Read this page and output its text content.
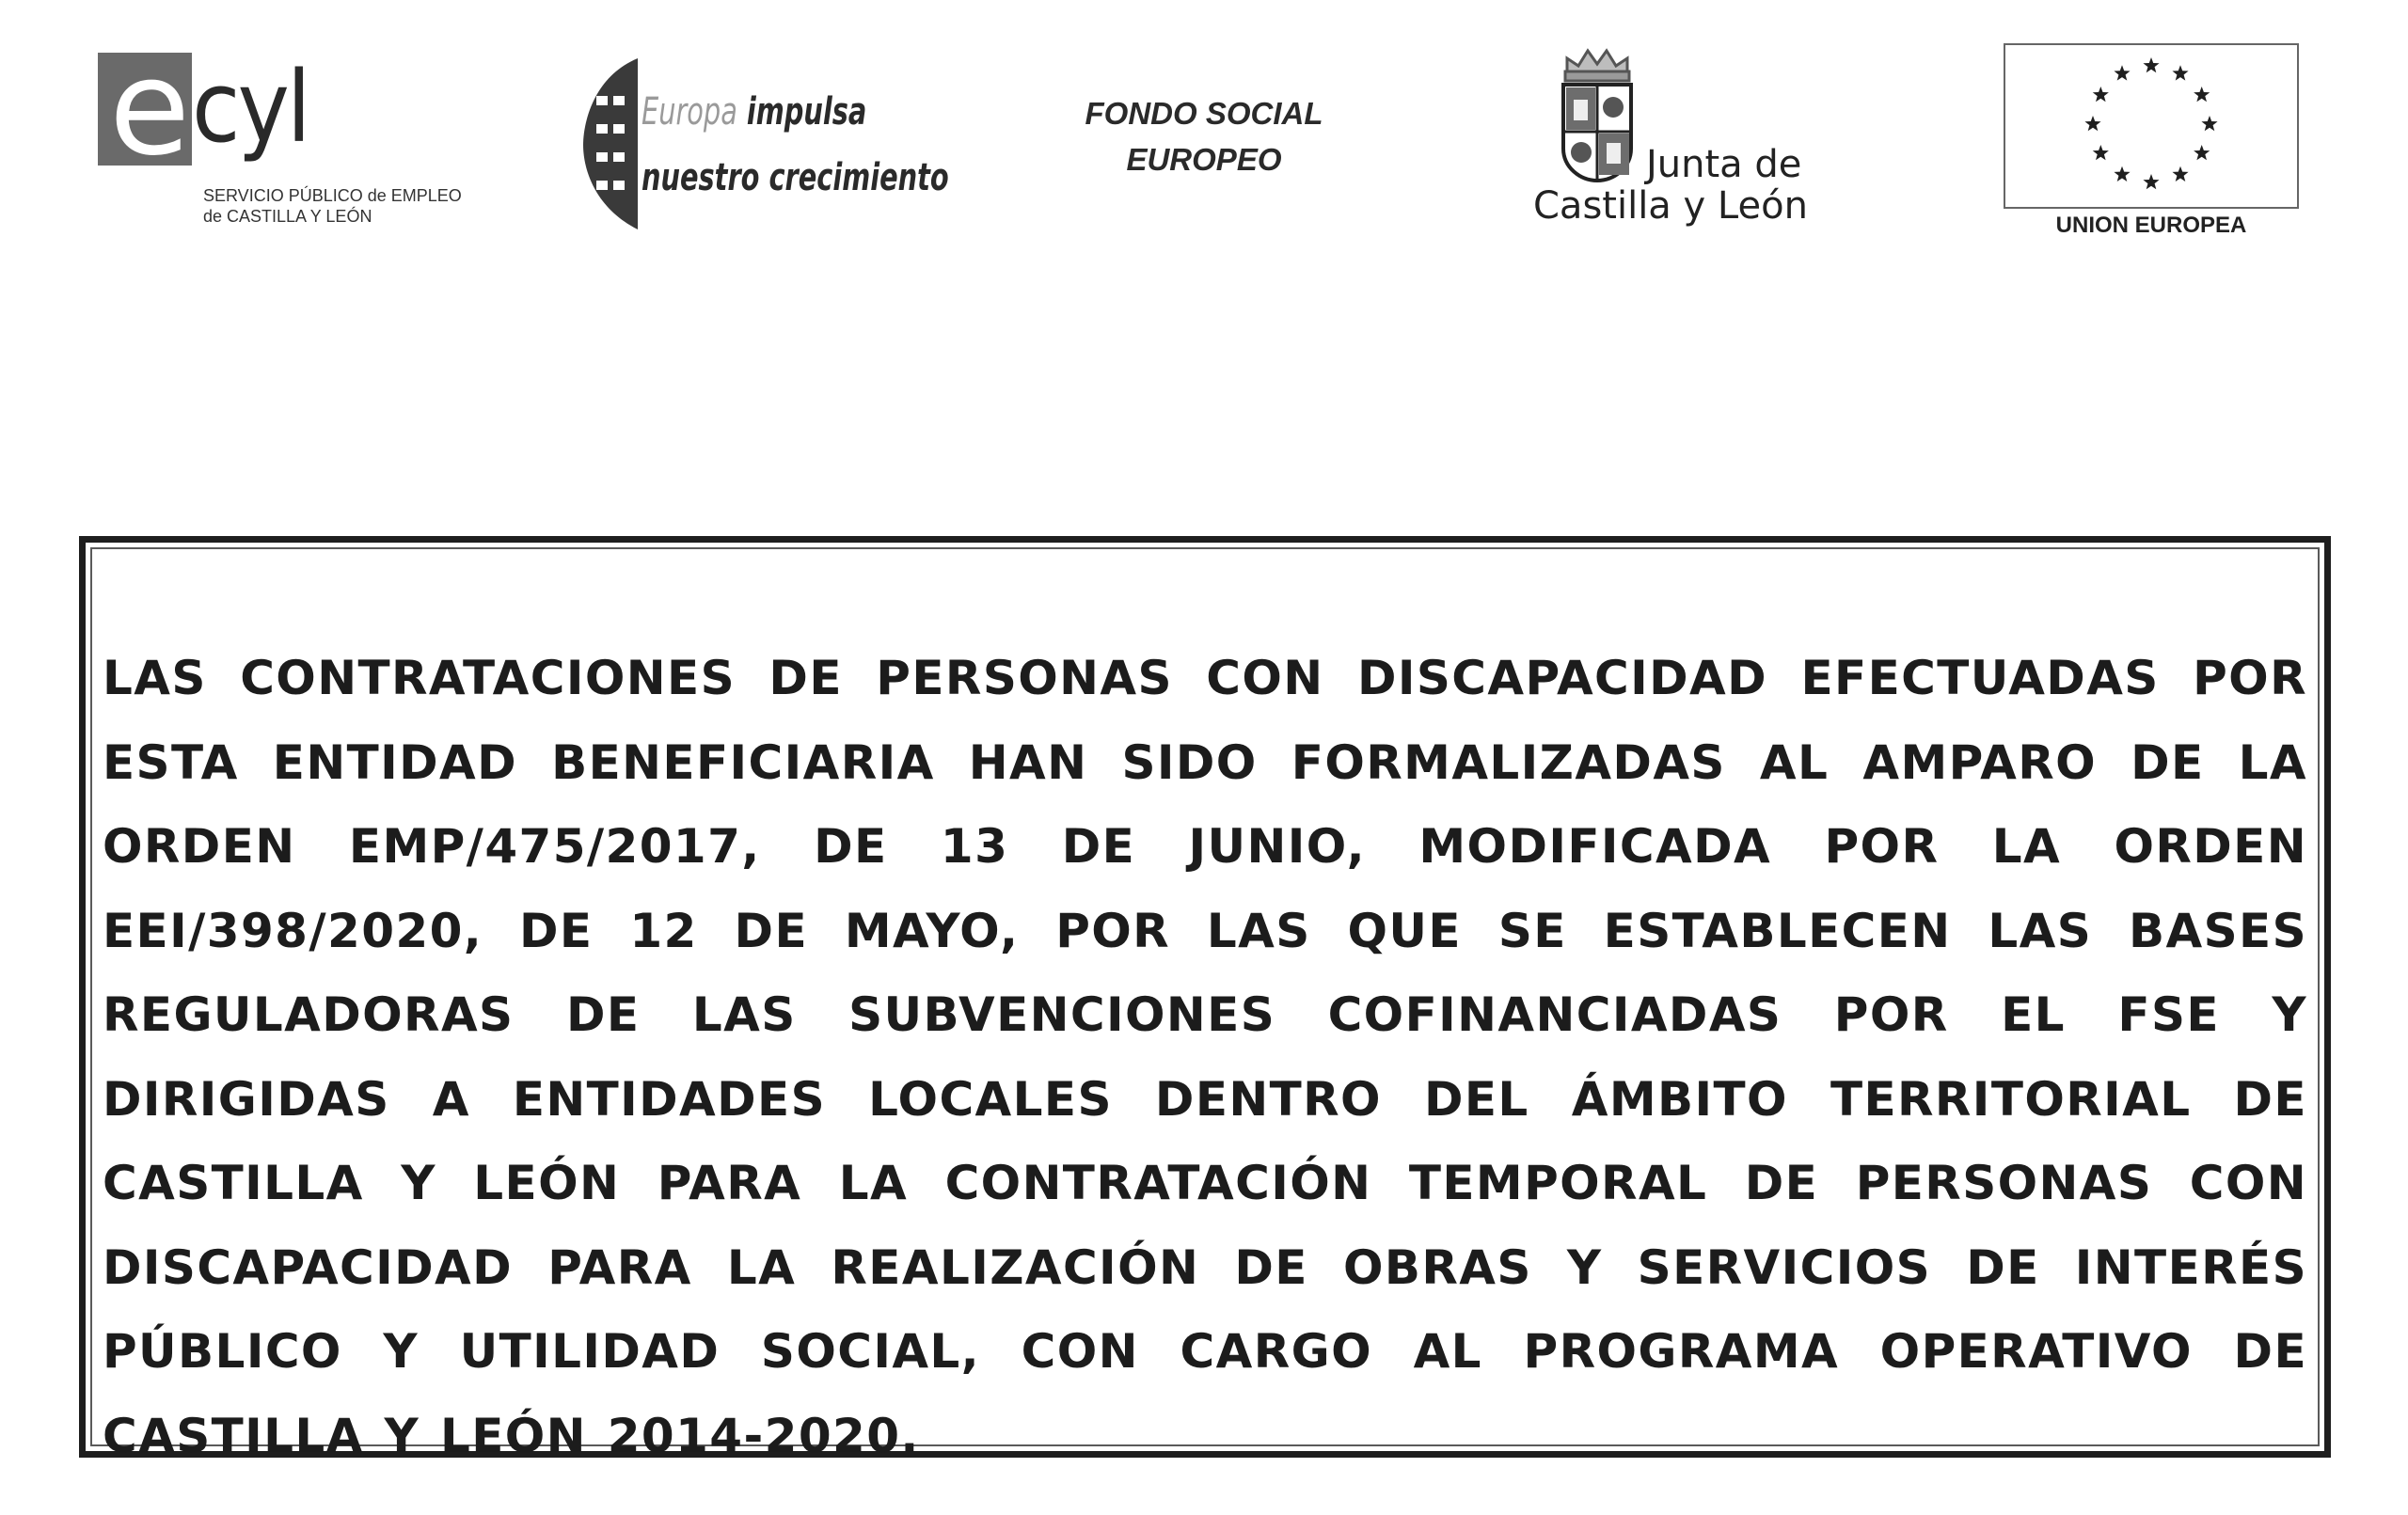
e cyl
SERVICIO PÚBLICO de EMPLEO
de CASTILLA Y LEÓN
Europa impulsa
nuestro crecimiento
FONDO SOCIAL
EUROPEO	Junta de
Castilla y León	UNION EUROPEA

LAS CONTRATACIONES DE PERSONAS CON DISCAPACIDAD EFECTUADAS POR ESTA ENTIDAD BENEFICIARIA HAN SIDO FORMALIZADAS AL AMPARO DE LA ORDEN EMP/475/2017, DE 13 DE JUNIO, MODIFICADA POR LA ORDEN EEI/398/2020, DE 12 DE MAYO, POR LAS QUE SE ESTABLECEN LAS BASES REGULADORAS DE LAS SUBVENCIONES COFINANCIADAS POR EL FSE Y DIRIGIDAS A ENTIDADES LOCALES DENTRO DEL ÁMBITO TERRITORIAL DE CASTILLA Y LEÓN PARA LA CONTRATACIÓN TEMPORAL DE PERSONAS CON DISCAPACIDAD PARA LA REALIZACIÓN DE OBRAS Y SERVICIOS DE INTERÉS PÚBLICO Y UTILIDAD SOCIAL, CON CARGO AL PROGRAMA OPERATIVO DE CASTILLA Y LEÓN 2014-2020.
